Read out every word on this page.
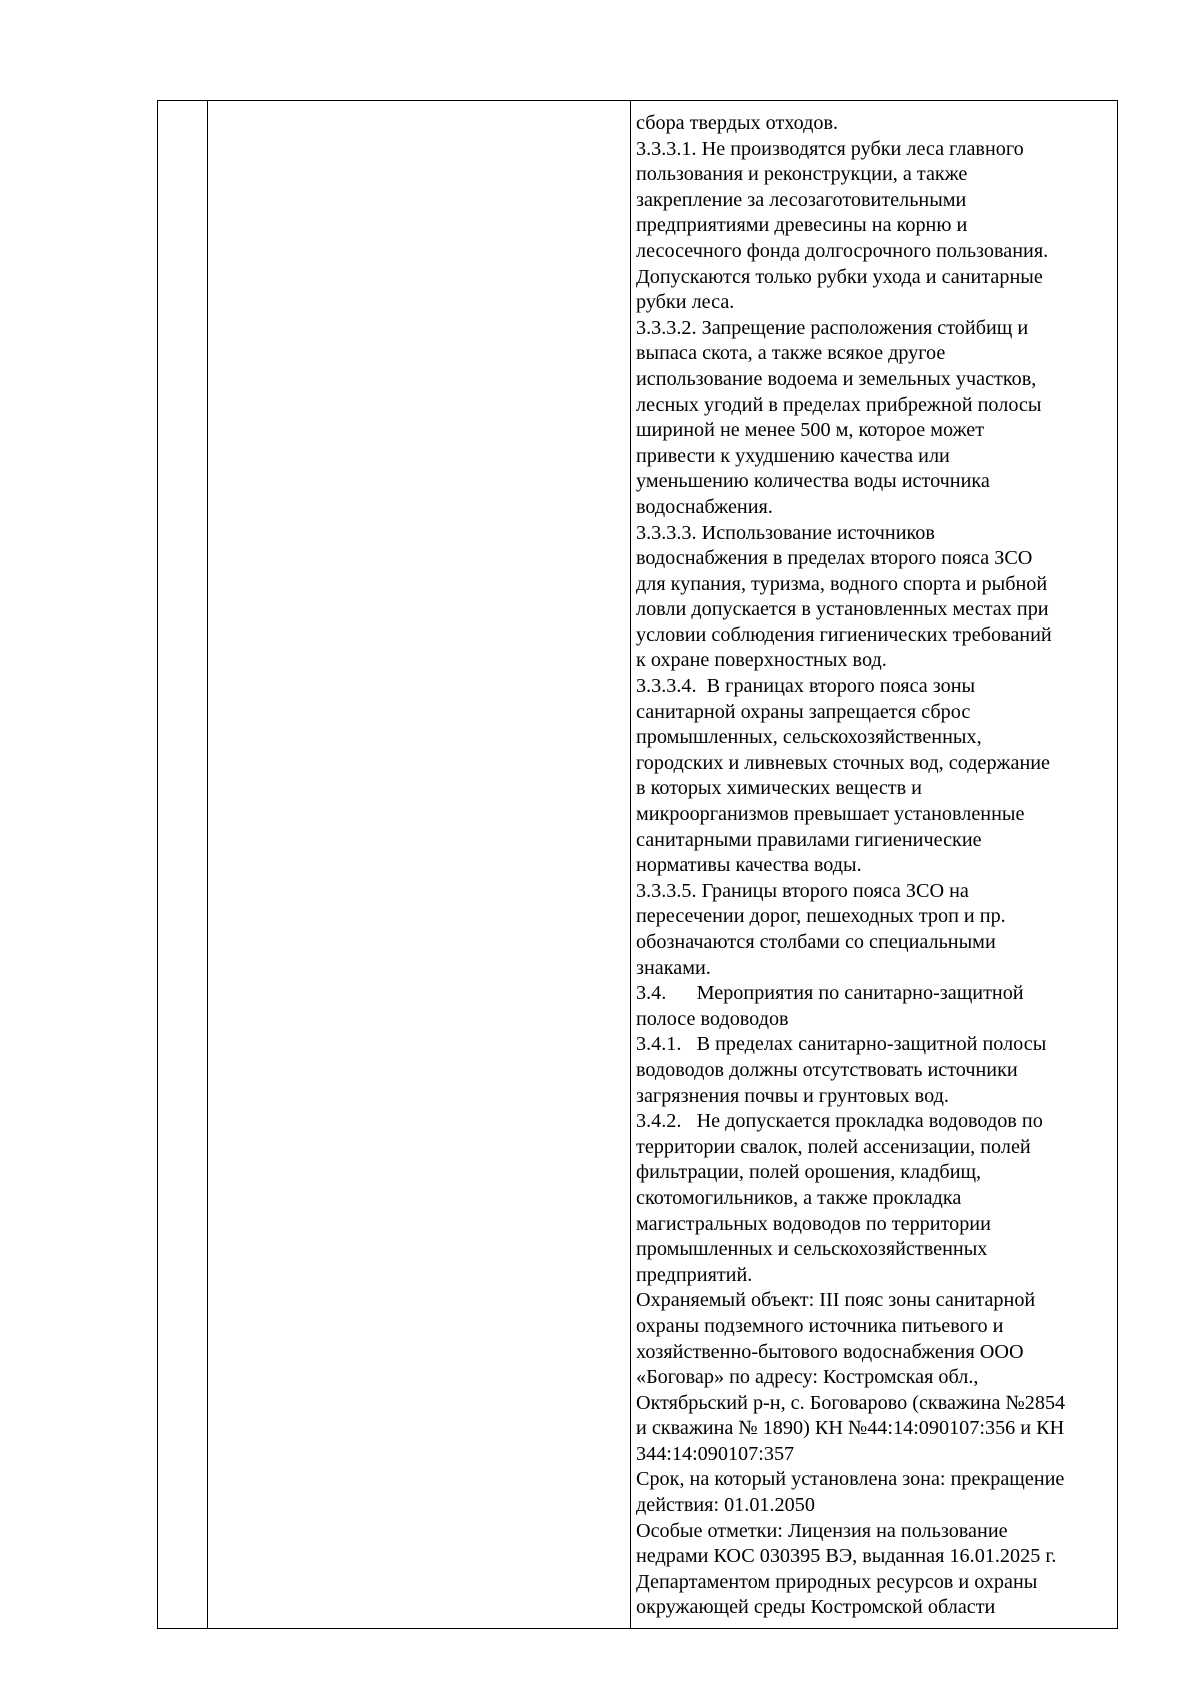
сбора твердых отходов.
3.3.3.1. Не производятся рубки леса главного
пользования и реконструкции, а также
закрепление за лесозаготовительными
предприятиями древесины на корню и
лесосечного фонда долгосрочного пользования.
Допускаются только рубки ухода и санитарные
рубки леса.
3.3.3.2. Запрещение расположения стойбищ и
выпаса скота, а также всякое другое
использование водоема и земельных участков,
лесных угодий в пределах прибрежной полосы
шириной не менее 500 м, которое может
привести к ухудшению качества или
уменьшению количества воды источника
водоснабжения.
3.3.3.3. Использование источников
водоснабжения в пределах второго пояса ЗСО
для купания, туризма, водного спорта и рыбной
ловли допускается в установленных местах при
условии соблюдения гигиенических требований
к охране поверхностных вод.
3.3.3.4.  В границах второго пояса зоны
санитарной охраны запрещается сброс
промышленных, сельскохозяйственных,
городских и ливневых сточных вод, содержание
в которых химических веществ и
микроорганизмов превышает установленные
санитарными правилами гигиенические
нормативы качества воды.
3.3.3.5. Границы второго пояса ЗСО на
пересечении дорог, пешеходных троп и пр.
обозначаются столбами со специальными
знаками.
3.4.	Мероприятия по санитарно-защитной
полосе водоводов
3.4.1.	В пределах санитарно-защитной полосы
водоводов должны отсутствовать источники
загрязнения почвы и грунтовых вод.
3.4.2.	Не допускается прокладка водоводов по
территории свалок, полей ассенизации, полей
фильтрации, полей орошения, кладбищ,
скотомогильников, а также прокладка
магистральных водоводов по территории
промышленных и сельскохозяйственных
предприятий.
Охраняемый объект: III пояс зоны санитарной
охраны подземного источника питьевого и
хозяйственно-бытового водоснабжения ООО
«Боговар» по адресу: Костромская обл.,
Октябрьский р-н, с. Боговарово (скважина №2854
и скважина № 1890) КН №44:14:090107:356 и КН
344:14:090107:357
Срок, на который установлена зона: прекращение
действия: 01.01.2050
Особые отметки: Лицензия на пользование
недрами КОС 030395 ВЭ, выданная 16.01.2025 г.
Департаментом природных ресурсов и охраны
окружающей среды Костромской области
